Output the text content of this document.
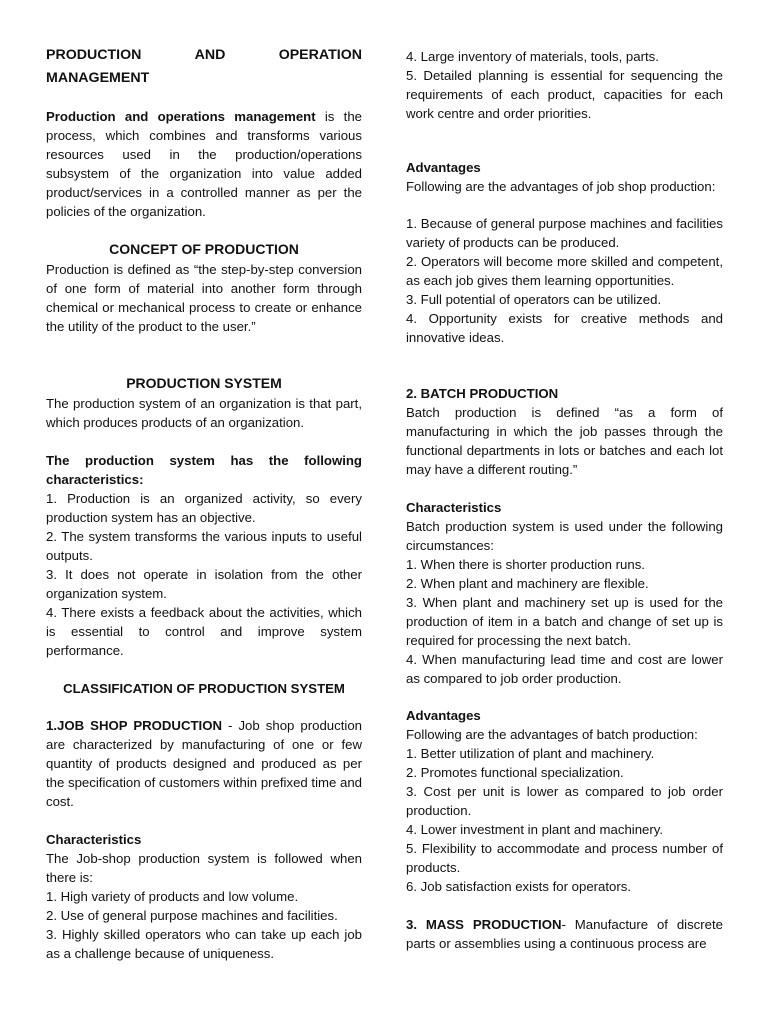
PRODUCTION	AND	OPERATION
MANAGEMENT

Production and operations management is the process, which combines and transforms various resources used in the production/operations subsystem of the organization into value added product/services in a controlled manner as per the policies of the organization.

CONCEPT OF PRODUCTION

Production is defined as “the step-by-step conversion of one form of material into another form through chemical or mechanical process to create or enhance the utility of the product to the user.”

PRODUCTION SYSTEM

The production system of an organization is that part, which produces products of an organization.

The production system has the following characteristics:

1. Production is an organized activity, so every production system has an objective.

2. The system transforms the various inputs to useful outputs.

3. It does not operate in isolation from the other organization system.

4. There exists a feedback about the activities, which is essential to control and improve system performance.

CLASSIFICATION OF PRODUCTION SYSTEM

1.JOB SHOP PRODUCTION - Job shop production are characterized by manufacturing of one or few quantity of products designed and produced as per the specification of customers within prefixed time and cost.

Characteristics

The Job-shop production system is followed when there is:

1. High variety of products and low volume.

2. Use of general purpose machines and facilities.

3. Highly skilled operators who can take up each job as a challenge because of uniqueness.

4. Large inventory of materials, tools, parts.

5. Detailed planning is essential for sequencing the requirements of each product, capacities for each work centre and order priorities.

Advantages

Following are the advantages of job shop production:

1. Because of general purpose machines and facilities variety of products can be produced.

2. Operators will become more skilled and competent, as each job gives them learning opportunities.

3. Full potential of operators can be utilized.

4. Opportunity exists for creative methods and innovative ideas.

2. BATCH PRODUCTION

Batch production is defined “as a form of manufacturing in which the job passes through the functional departments in lots or batches and each lot may have a different routing.”

Characteristics

Batch production system is used under the following circumstances:

1. When there is shorter production runs.

2. When plant and machinery are flexible.

3. When plant and machinery set up is used for the production of item in a batch and change of set up is required for processing the next batch.

4. When manufacturing lead time and cost are lower as compared to job order production.

Advantages

Following are the advantages of batch production:

1. Better utilization of plant and machinery.

2. Promotes functional specialization.

3. Cost per unit is lower as compared to job order production.

4. Lower investment in plant and machinery.

5. Flexibility to accommodate and process number of products.

6. Job satisfaction exists for operators.

3. MASS PRODUCTION- Manufacture of discrete parts or assemblies using a continuous process are
